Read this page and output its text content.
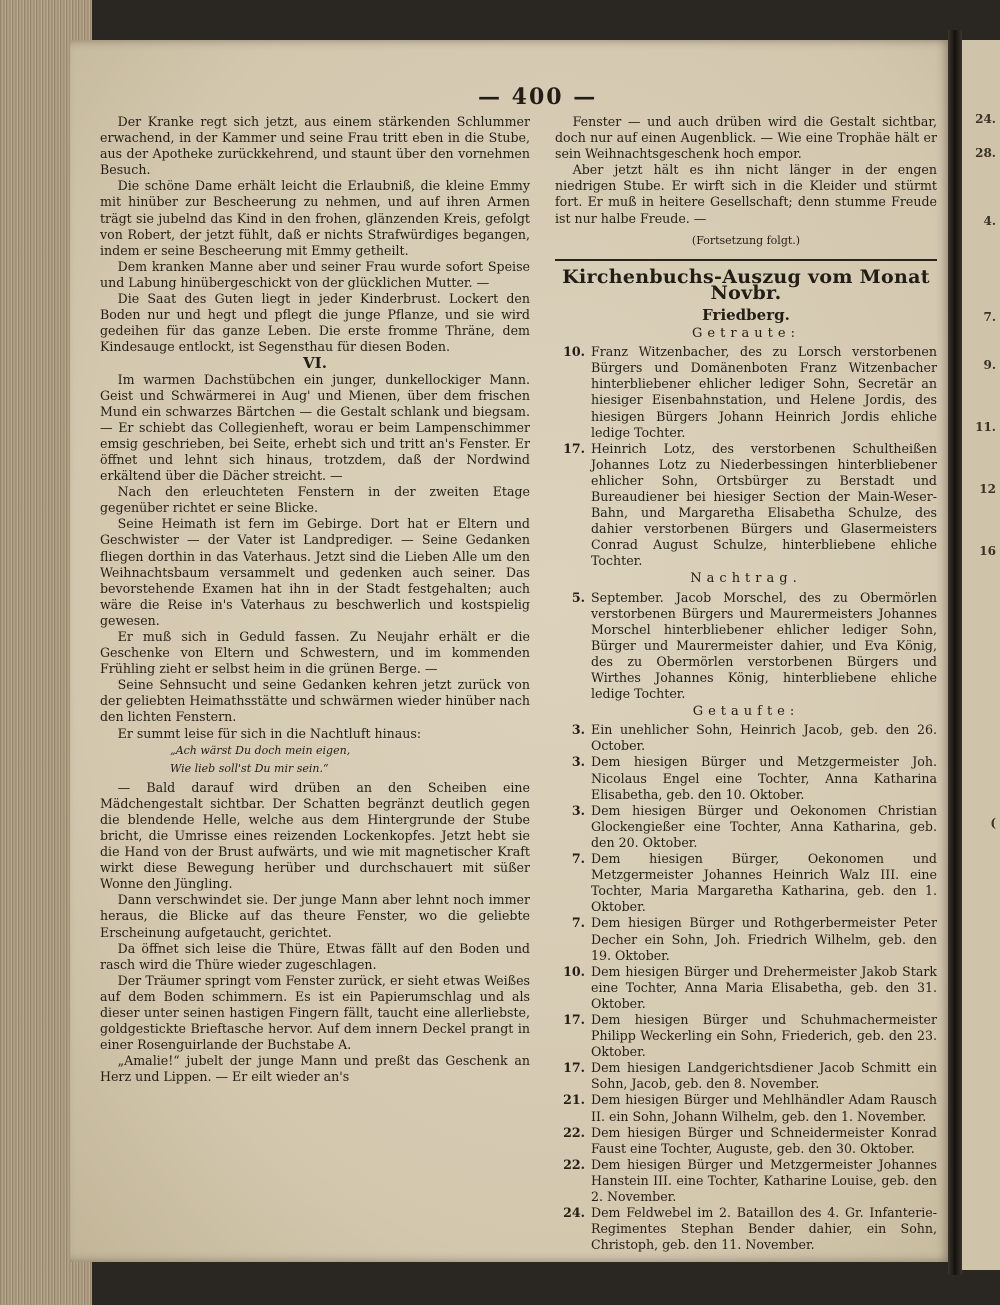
24.
28.
4.
7.
9.
11.
12
16
(
— 400 —

Der Kranke regt sich jetzt, aus einem stärkenden Schlummer erwachend, in der Kammer und seine Frau tritt eben in die Stube, aus der Apotheke zurückkehrend, und staunt über den vornehmen Besuch.

Die schöne Dame erhält leicht die Erlaubniß, die kleine Emmy mit hinüber zur Bescheerung zu nehmen, und auf ihren Armen trägt sie jubelnd das Kind in den frohen, glänzenden Kreis, gefolgt von Robert, der jetzt fühlt, daß er nichts Strafwürdiges begangen, indem er seine Bescheerung mit Emmy getheilt.

Dem kranken Manne aber und seiner Frau wurde sofort Speise und Labung hinübergeschickt von der glücklichen Mutter. —

Die Saat des Guten liegt in jeder Kinderbrust. Lockert den Boden nur und hegt und pflegt die junge Pflanze, und sie wird gedeihen für das ganze Leben. Die erste fromme Thräne, dem Kindesauge entlockt, ist Segensthau für diesen Boden.

VI.

Im warmen Dachstübchen ein junger, dunkellockiger Mann. Geist und Schwärmerei in Aug' und Mienen, über dem frischen Mund ein schwarzes Bärtchen — die Gestalt schlank und biegsam. — Er schiebt das Collegienheft, worau er beim Lampenschimmer emsig geschrieben, bei Seite, erhebt sich und tritt an's Fenster. Er öffnet und lehnt sich hinaus, trotzdem, daß der Nordwind erkältend über die Dächer streicht. —

Nach den erleuchteten Fenstern in der zweiten Etage gegenüber richtet er seine Blicke.

Seine Heimath ist fern im Gebirge. Dort hat er Eltern und Geschwister — der Vater ist Landprediger. — Seine Gedanken fliegen dorthin in das Vaterhaus. Jetzt sind die Lieben Alle um den Weihnachtsbaum versammelt und gedenken auch seiner. Das bevorstehende Examen hat ihn in der Stadt festgehalten; auch wäre die Reise in's Vaterhaus zu beschwerlich und kostspielig gewesen.

Er muß sich in Geduld fassen. Zu Neujahr erhält er die Geschenke von Eltern und Schwestern, und im kommenden Frühling zieht er selbst heim in die grünen Berge. —

Seine Sehnsucht und seine Gedanken kehren jetzt zurück von der geliebten Heimathsstätte und schwärmen wieder hinüber nach den lichten Fenstern.

Er summt leise für sich in die Nachtluft hinaus:

„Ach wärst Du doch mein eigen,

Wie lieb soll'st Du mir sein.“

— Bald darauf wird drüben an den Scheiben eine Mädchengestalt sichtbar. Der Schatten begränzt deutlich gegen die blendende Helle, welche aus dem Hintergrunde der Stube bricht, die Umrisse eines reizenden Lockenkopfes. Jetzt hebt sie die Hand von der Brust aufwärts, und wie mit magnetischer Kraft wirkt diese Bewegung herüber und durchschauert mit süßer Wonne den Jüngling.

Dann verschwindet sie. Der junge Mann aber lehnt noch immer heraus, die Blicke auf das theure Fenster, wo die geliebte Erscheinung aufgetaucht, gerichtet.

Da öffnet sich leise die Thüre, Etwas fällt auf den Boden und rasch wird die Thüre wieder zugeschlagen.

Der Träumer springt vom Fenster zurück, er sieht etwas Weißes auf dem Boden schimmern. Es ist ein Papierumschlag und als dieser unter seinen hastigen Fingern fällt, taucht eine allerliebste, goldgestickte Brieftasche hervor. Auf dem innern Deckel prangt in einer Rosenguirlande der Buchstabe A.

„Amalie!“ jubelt der junge Mann und preßt das Geschenk an Herz und Lippen. — Er eilt wieder an's

Fenster — und auch drüben wird die Gestalt sichtbar, doch nur auf einen Augenblick. — Wie eine Trophäe hält er sein Weihnachtsgeschenk hoch empor.

Aber jetzt hält es ihn nicht länger in der engen niedrigen Stube. Er wirft sich in die Kleider und stürmt fort. Er muß in heitere Gesellschaft; denn stumme Freude ist nur halbe Freude. —

(Fortsetzung folgt.)

Kirchenbuchs-Auszug vom Monat Novbr.
Friedberg.
Getraute:
10. Franz Witzenbacher, des zu Lorsch verstorbenen Bürgers und Domänenboten Franz Witzenbacher hinterbliebener ehlicher lediger Sohn, Secretär an hiesiger Eisenbahnstation, und Helene Jordis, des hiesigen Bürgers Johann Heinrich Jordis ehliche ledige Tochter.
17. Heinrich Lotz, des verstorbenen Schultheißen Johannes Lotz zu Niederbessingen hinterbliebener ehlicher Sohn, Ortsbürger zu Berstadt und Bureaudiener bei hiesiger Section der Main-Weser-Bahn, und Margaretha Elisabetha Schulze, des dahier verstorbenen Bürgers und Glasermeisters Conrad August Schulze, hinterbliebene ehliche Tochter.
Nachtrag.
5. September. Jacob Morschel, des zu Obermörlen verstorbenen Bürgers und Maurermeisters Johannes Morschel hinterbliebener ehlicher lediger Sohn, Bürger und Maurermeister dahier, und Eva König, des zu Obermörlen verstorbenen Bürgers und Wirthes Johannes König, hinterbliebene ehliche ledige Tochter.
Getaufte:
3. Ein unehlicher Sohn, Heinrich Jacob, geb. den 26. October.
3. Dem hiesigen Bürger und Metzgermeister Joh. Nicolaus Engel eine Tochter, Anna Katharina Elisabetha, geb. den 10. Oktober.
3. Dem hiesigen Bürger und Oekonomen Christian Glockengießer eine Tochter, Anna Katharina, geb. den 20. Oktober.
7. Dem hiesigen Bürger, Oekonomen und Metzgermeister Johannes Heinrich Walz III. eine Tochter, Maria Margaretha Katharina, geb. den 1. Oktober.
7. Dem hiesigen Bürger und Rothgerbermeister Peter Decher ein Sohn, Joh. Friedrich Wilhelm, geb. den 19. Oktober.
10. Dem hiesigen Bürger und Drehermeister Jakob Stark eine Tochter, Anna Maria Elisabetha, geb. den 31. Oktober.
17. Dem hiesigen Bürger und Schuhmachermeister Philipp Weckerling ein Sohn, Friederich, geb. den 23. Oktober.
17. Dem hiesigen Landgerichtsdiener Jacob Schmitt ein Sohn, Jacob, geb. den 8. November.
21. Dem hiesigen Bürger und Mehlhändler Adam Rausch II. ein Sohn, Johann Wilhelm, geb. den 1. November.
22. Dem hiesigen Bürger und Schneidermeister Konrad Faust eine Tochter, Auguste, geb. den 30. Oktober.
22. Dem hiesigen Bürger und Metzgermeister Johannes Hanstein III. eine Tochter, Katharine Louise, geb. den 2. November.
24. Dem Feldwebel im 2. Bataillon des 4. Gr. Infanterie-Regimentes Stephan Bender dahier, ein Sohn, Christoph, geb. den 11. November.
